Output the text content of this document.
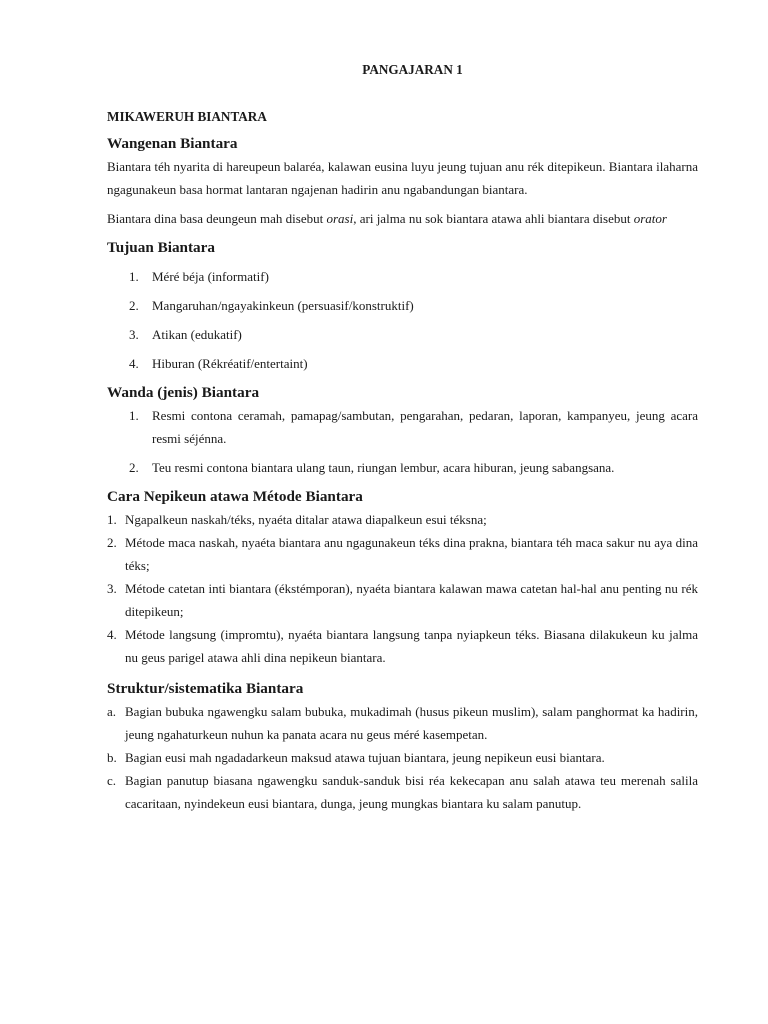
PANGAJARAN 1
MIKAWERUH BIANTARA
Wangenan Biantara

Biantara téh nyarita di hareupeun balaréa, kalawan eusina luyu jeung tujuan anu rék ditepikeun. Biantara ilaharna ngagunakeun basa hormat lantaran ngajenan hadirin anu ngabandungan biantara.

Biantara dina basa deungeun mah disebut orasi, ari jalma nu sok biantara atawa ahli biantara disebut orator

Tujuan Biantara
1. Méré béja (informatif)
2. Mangaruhan/ngayakinkeun (persuasif/konstruktif)
3. Atikan (edukatif)
4. Hiburan (Rékréatif/entertaint)
Wanda (jenis) Biantara
1. Resmi contona ceramah, pamapag/sambutan, pengarahan, pedaran, laporan, kampanyeu, jeung acara resmi séjénna.
2. Teu resmi contona biantara ulang taun, riungan lembur, acara hiburan, jeung sabangsana.
Cara Nepikeun atawa Métode Biantara
1. Ngapalkeun naskah/téks, nyaéta ditalar atawa diapalkeun esui téksna;
2. Métode maca naskah, nyaéta biantara anu ngagunakeun téks dina prakna, biantara téh maca sakur nu aya dina téks;
3. Métode catetan inti biantara (ékstémporan), nyaéta biantara kalawan mawa catetan hal-hal anu penting nu rék ditepikeun;
4. Métode langsung (impromtu), nyaéta biantara langsung tanpa nyiapkeun téks. Biasana dilakukeun ku jalma nu geus parigel atawa ahli dina nepikeun biantara.
Struktur/sistematika Biantara
a. Bagian bubuka ngawengku salam bubuka, mukadimah (husus pikeun muslim), salam panghormat ka hadirin, jeung ngahaturkeun nuhun ka panata acara nu geus méré kasempetan.
b. Bagian eusi mah ngadadarkeun maksud atawa tujuan biantara, jeung nepikeun eusi biantara.
c. Bagian panutup biasana ngawengku sanduk-sanduk bisi réa kekecapan anu salah atawa teu merenah salila cacaritaan, nyindekeun eusi biantara, dunga, jeung mungkas biantara ku salam panutup.
